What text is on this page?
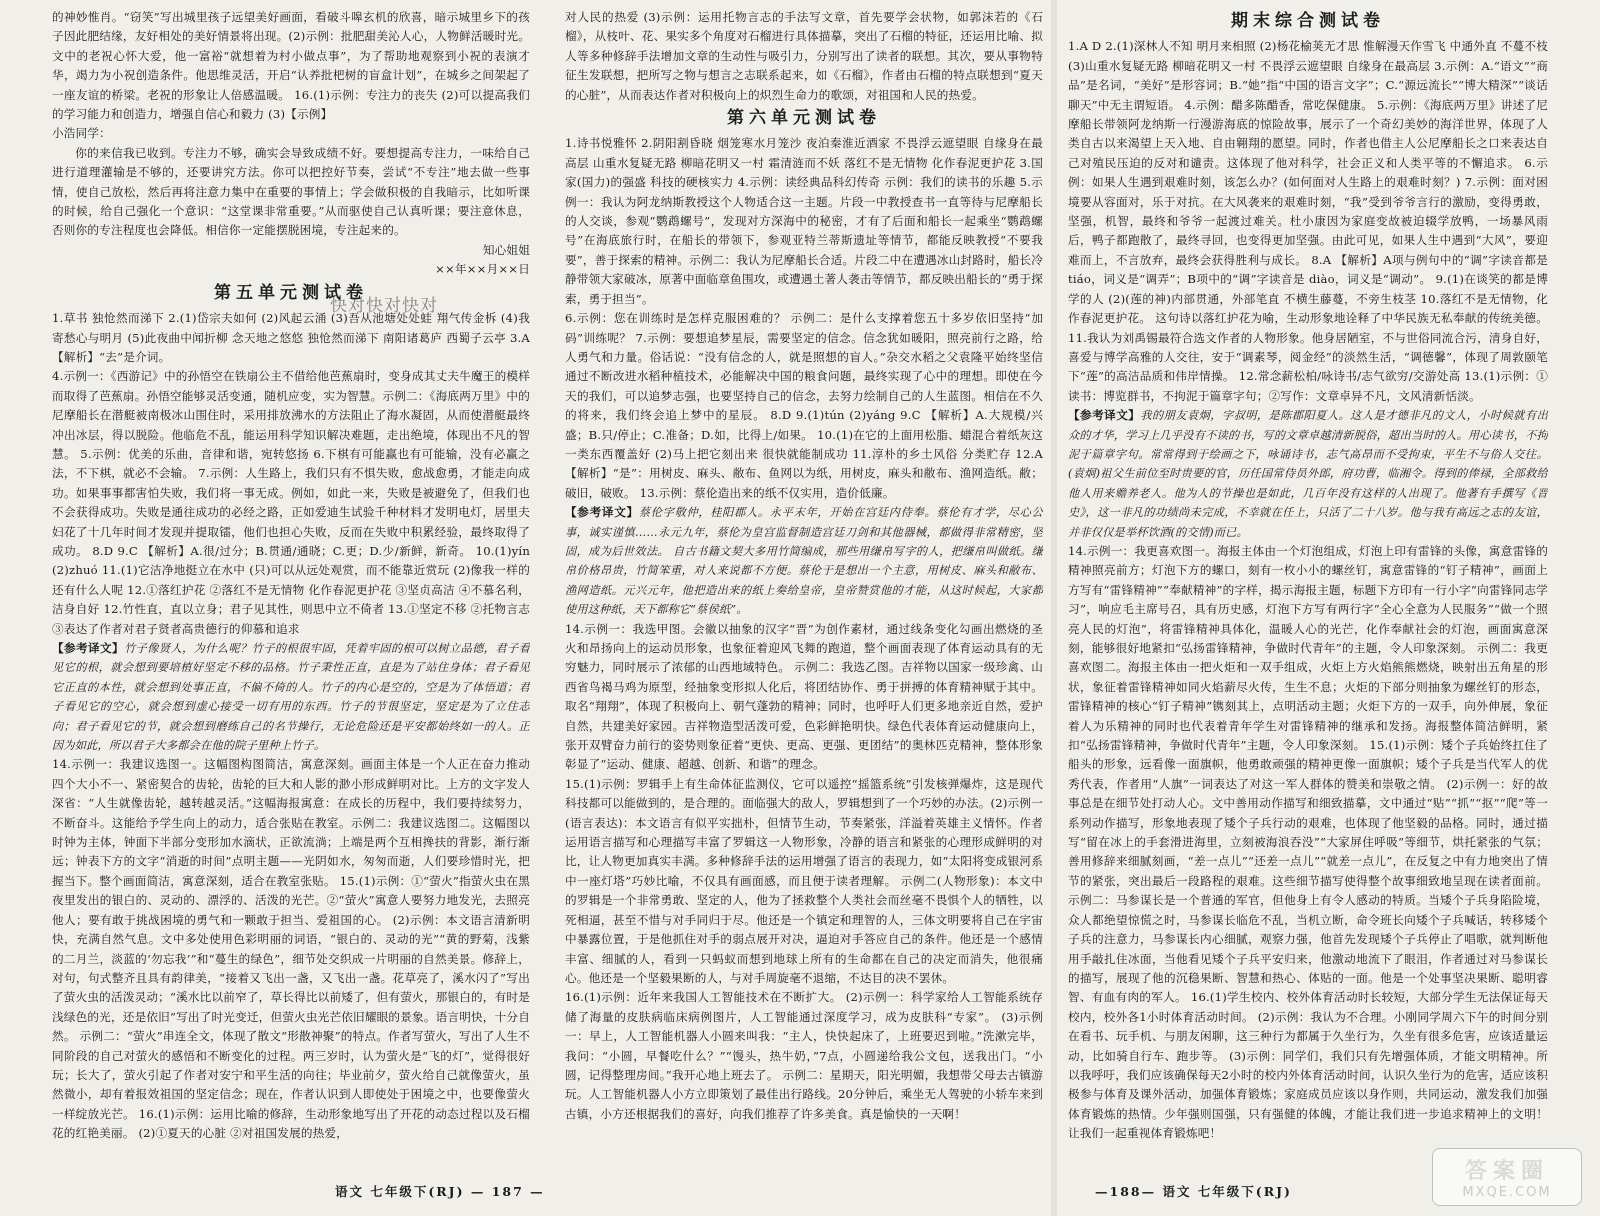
的神妙惟肖。“窃笑”写出城里孩子远望美好画面，看破斗嗥玄机的欣喜，暗示城里乡下的孩子因此肥结缘，友好相处的美好情景将出现。(2)示例：批肥甜美沁人心，人物鲜活暖时光。文中的老祝心怀大爱，他一富裕“就想着为村小做点事”，为了帮助地观察到小祝的表演才华，竭力为小祝创造条件。他思维灵活，开启“认养批杷树的盲盒计划”，在城乡之间架起了一座友谊的桥梁。老祝的形象让人倍感温暖。 16.(1)示例：专注力的丧失 (2)可以提高我们的学习能力和创造力，增强自信心和毅力 (3)【示例】

小浩同学：

你的来信我已收到。专注力不够，确实会导致成绩不好。要想提高专注力，一味给自己进行道理灌输是不够的，还要讲究方法。你可以把控好节奏，尝试“不专注”地去做一些事情，使自己放松，然后再将注意力集中在重要的事情上；学会做积极的自我暗示，比如听课的时候，给自己强化一个意识：“这堂课非常重要。”从而驱使自己认真听课；要注意休息，否则你的专注程度也会降低。相信你一定能摆脱困境，专注起来的。

知心姐姐

××年××月××日

第五单元测试卷

1.草书 独怆然而涕下 2.(1)岱宗夫如何 (2)风起云涌 (3)吾从池塘处处蛙 翔气传金柝 (4)我寄愁心与明月 (5)此夜曲中闻折柳 念天地之悠悠 独怆然而涕下 南阳诸葛庐 西蜀子云亭 3.A 【解析】“去”是介词。

4.示例一：《西游记》中的孙悟空在铁扇公主不借给他芭蕉扇时，变身成其丈夫牛魔王的模样而取得了芭蕉扇。孙悟空能够灵活变通，随机应变，实为智慧。示例二：《海底两万里》中的尼摩船长在潜艇被南极冰山围住时，采用排放沸水的方法阻止了海水凝固，从而使潜艇最终冲出冰层，得以脱险。他临危不乱，能运用科学知识解决难题，走出绝境，体现出不凡的智慧。 5.示例：优美的乐曲，音律和谐，宛转悠扬 6.下棋有可能赢也有可能输，没有必赢之法，不下棋，就必不会输。 7.示例：人生路上，我们只有不惧失败，愈战愈勇，才能走向成功。如果事事都害怕失败，我们将一事无成。例如，如此一来，失败是被避免了，但我们也不会获得成功。失败是通往成功的必经之路，正如爱迪生试验千种材料才发明电灯，居里夫妇花了十几年时间才发现并提取镭，他们也担心失败，反而在失败中积累经验，最终取得了成功。 8.D 9.C 【解析】A.很/过分；B.贯通/通晓；C.更；D.少/新鲜，新奇。 10.(1)yín (2)zhuó 11.(1)它洁净地挺立在水中 (只)可以从远处观赏，而不能靠近赏玩 (2)像我一样的还有什么人呢 12.①落红护花 ②落红不是无情物 化作春泥更护花 ③坚贞高洁 ④不慕名利，洁身自好 12.竹性直，直以立身；君子见其性，则思中立不倚者 13.①坚定不移 ②托物言志 ③表达了作者对君子贤者高贵德行的仰慕和追求

【参考译文】竹子像贤人，为什么呢？竹子的根很牢固，凭着牢固的根可以树立品德，君子看见它的根，就会想到要培植好坚定不移的品格。竹子秉性正直，直是为了站住身体；君子看见它正直的本性，就会想到处事正直，不偏不倚的人。竹子的内心是空的，空是为了体悟道；君子看见它的空心，就会想到虚心接受一切有用的东西。竹子的节很坚定，坚定是为了立住志向；君子看见它的节，就会想到磨练自己的名节操行，无论危险还是平安都始终如一的人。正因为如此，所以君子大多都会在他的院子里种上竹子。

14.示例一：我建议选图一。这幅图构图简洁，寓意深刻。画面主体是一个人正在奋力推动四个大小不一、紧密契合的齿轮，齿轮的巨大和人影的渺小形成鲜明对比。上方的文字发人深省：“人生就像齿轮，越转越灵活。”这幅海报寓意：在成长的历程中，我们要持续努力，不断奋斗。这能给予学生向上的动力，适合张贴在教室。示例二：我建议选图二。这幅图以时钟为主体，钟面下半部分变形加水滴状，正欲流淌；上端是两个互相搀扶的背影，渐行渐远；钟表下方的文字“消逝的时间”点明主题——光阴如水，匆匆而逝，人们要珍惜时光，把握当下。整个画面简洁，寓意深刻，适合在教室张贴。 15.(1)示例：①“萤火”指萤火虫在黑夜里发出的银白的、灵动的、漂浮的、活泼的光芒。②“萤火”寓意人要努力地发光，去照亮他人；要有敢于挑战困境的勇气和一颗敢于担当、爱祖国的心。 (2)示例：本文语言清新明快，充满自然气息。文中多处使用色彩明丽的词语，“银白的、灵动的光”“黄的野菊，浅紫的二月兰，淡蓝的‘勿忘我’”和“蔓生的绿色”，细节处交织成一片明丽的自然美景。修辞上，对句，句式整齐且具有韵律美，“接着又飞出一盏，又飞出一盏。花草亮了，溪水闪了”写出了萤火虫的活泼灵动；“溪水比以前窄了，草长得比以前矮了，但有萤火，那银白的，有时是浅绿色的光，还是依旧”写出了时光变迁，但萤火虫光芒依旧耀眼的景象。语言明快，十分自然。 示例二：“萤火”串连全文，体现了散文“形散神聚”的特点。作者写萤火，写出了人生不同阶段的自己对萤火的感悟和不断变化的过程。两三岁时，认为萤火是“飞的灯”，觉得很好玩；长大了，萤火引起了作者对安宁和平生活的向往；毕业前夕，萤火给自己就像萤火，虽然微小，却有着报效祖国的坚定信念；现在，作者认识到人即使处于困境之中，也要像萤火一样绽放光芒。 16.(1)示例：运用比喻的修辞，生动形象地写出了开花的动态过程以及石榴花的红艳美丽。 (2)①夏天的心脏 ②对祖国发展的热爱，

对人民的热爱 (3)示例：运用托物言志的手法写文章，首先要学会状物，如郭沫若的《石榴》，从枝叶、花、果实多个角度对石榴进行具体描摹，突出了石榴的特征，还运用比喻、拟人等多种修辞手法增加文章的生动性与吸引力，分别写出了读者的联想。其次，要从事物特征生发联想，把所写之物与想言之志联系起来，如《石榴》，作者由石榴的特点联想到“夏天的心脏”，从而表达作者对积极向上的炽烈生命力的歌颂，对祖国和人民的热爱。

第六单元测试卷

1.诗书悦雅怀 2.阴阳割昏晓 烟笼寒水月笼沙 夜泊秦淮近酒家 不畏浮云遮望眼 自缘身在最高层 山重水复疑无路 柳暗花明又一村 霜清涟而不妖 落红不是无情物 化作春泥更护花 3.国家(国力)的强盛 科技的硬核实力 4.示例：读经典品科幻传奇 示例：我们的读书的乐趣 5.示例一：我认为阿龙纳斯教授这个人物适合这一主题。片段一中教授查书一直等待与尼摩船长的人交谈，参观“鹦鹉螺号”，发现对方深海中的秘密，才有了后面和船长一起乘坐“鹦鹉螺号”在海底旅行时，在船长的带领下，参观亚特兰蒂斯遗址等情节，都能反映教授“不要我要”，善于探索的精神。示例二：我认为尼摩船长合适。片段二中在遭遇冰山封路时，船长冷静带领大家破冰，原著中面临章鱼围攻，或遭遇土著人袭击等情节，都反映出船长的“勇于探索，勇于担当”。

6.示例：您在训练时是怎样克服困难的？ 示例二：是什么支撑着您五十多岁依旧坚持“加码”训练呢？ 7.示例：要想追梦星辰，需要坚定的信念。信念犹如暖阳，照亮前行之路，给人勇气和力量。俗话说：“没有信念的人，就是照想的盲人。”杂交水稻之父袁隆平始终坚信通过不断改进水稻种植技术，必能解决中国的粮食问题，最终实现了心中的理想。即使在今天的我们，可以追梦志强，也要坚持自己的信念，去努力绘制自己的人生蓝图。相信在不久的将来，我们终会追上梦中的星辰。 8.D 9.(1)tún (2)yáng 9.C 【解析】A.大规模/兴盛；B.只/停止；C.准备；D.如，比得上/如果。 10.(1)在它的上面用松脂、蜡混合着纸灰这一类东西覆盖好 (2)马上把它刻出来 很快就能制成功 11.淳朴的乡土风俗 分类贮存 12.A 【解析】“是”：用树皮、麻头、敝布、鱼网以为纸，用树皮，麻头和敝布、渔网造纸。敝；破旧，破败。 13.示例：蔡伦造出来的纸不仅实用，造价低廉。

【参考译文】蔡伦字敬仲，桂阳郡人。永平末年，开始在宫廷内侍奉。蔡伦有才学，尽心公事，诚实谨慎……永元九年，蔡伦为皇宫监督制造宫廷刀剑和其他器械，都做得非常精密，坚固，成为后世效法。 自古书籍文契大多用竹简编成，那些用缣帛写字的人，把缣帛叫做纸。缣帛价格昂贵，竹简笨重，对人来说都不方便。蔡伦于是想出一个主意，用树皮、麻头和敝布、渔网造纸。元兴元年，他把造出来的纸上奏给皇帝，皇帝赞赏他的才能，从这时候起，大家都使用这种纸，天下都称它“蔡侯纸”。

14.示例一：我选甲图。会徽以抽象的汉字“晋”为创作素材，通过线条变化勾画出燃烧的圣火和昂扬向上的运动员形象，也象征着迎风飞舞的跑道，整个画面表现了体育运动具有的无穷魅力，同时展示了浓郁的山西地域特色。 示例二：我选乙图。吉祥物以国家一级珍禽、山西省鸟褐马鸡为原型，经抽象变形拟人化后，将团结协作、勇于拼搏的体育精神赋于其中。取名“翔翔”，体现了积极向上、朝气蓬勃的精神；同时，也呼吁人们更多地亲近自然，爱护自然，共建美好家园。吉祥物造型活泼可爱，色彩鲜艳明快。绿色代表体育运动健康向上，张开双臂奋力前行的姿势则象征着“更快、更高、更强、更团结”的奥林匹克精神，整体形象彰显了“运动、健康、超越、创新、和谐”的理念。

15.(1)示例：罗辑手上有生命体征监测仪，它可以遥控“摇篮系统”引发核弹爆炸，这是现代科技都可以能做到的，是合理的。面临强大的敌人，罗辑想到了一个巧妙的办法。(2)示例一(语言表达)：本文语言有似平实拙朴，但情节生动，节奏紧张，洋溢着英雄主义情怀。作者运用语言描写和心理描写丰富了罗辑这一人物形象，冷静的语言和紧张的心理形成鲜明的对比，让人物更加真实丰满。多种修辞手法的运用增强了语言的表现力，如“太阳将变成银河系中一座灯塔”巧妙比喻，不仅具有画面感，而且便于读者理解。 示例二(人物形象)：本文中的罗辑是一个非常勇敢、坚定的人，他为了拯救整个人类社会而丝毫不畏惧个人的牺牲，以死相逼，甚至不惜与对手同归于尽。他还是一个镇定和理智的人，三体文明要将自己在宇宙中暴露位置，于是他抓住对手的弱点展开对决，逼迫对手答应自己的条件。他还是一个感情丰富、细腻的人，看到一只蚂蚁而想到地球上所有的生命都在自己的决定而消失，他很痛心。他还是一个坚毅果断的人，与对手周旋毫不退缩，不达目的决不罢休。

16.(1)示例：近年来我国人工智能技术在不断扩大。 (2)示例一：科学家给人工智能系统存储了海量的皮肤病临床病例图片，人工智能通过深度学习，成为皮肤科“专家”。 (3)示例一：早上，人工智能机器人小圆来叫我：“主人，快快起床了，上班要迟到啦。”洗漱完毕，我问：“小圆，早餐吃什么？”“馒头，热牛奶，”7点，小圆递给我公文包，送我出门。“小圆，记得整理房间。”我开心地上班去了。 示例二：星期天，阳光明媚，我想带父母去古镇游玩。人工智能机器人小方立即策划了最佳出行路线。20分钟后，乘坐无人驾驶的小轿车来到古镇，小方还根据我们的喜好，向我们推荐了许多美食。真是愉快的一天啊！

期末综合测试卷

1.A D 2.(1)深林人不知 明月来相照 (2)杨花榆荚无才思 惟解漫天作雪飞 中通外直 不蔓不枝 (3)山重水复疑无路 柳暗花明又一村 不畏浮云遮望眼 自缘身在最高层 3.示例：A.“语文”“商品”是名词，“美好”是形容词；B.“她”指“中国的语言文字”；C.“源远流长”“博大精深”“谈话聊天”中无主谓短语。 4.示例：醋多陈醋香，常吃保健康。 5.示例：《海底两万里》讲述了尼摩船长带领阿龙纳斯一行漫游海底的惊险故事，展示了一个奇幻美妙的海洋世界，体现了人类自古以来渴望上天入地、自由翱翔的愿望。同时，作者也借主人公尼摩船长之口来表达自己对殖民压迫的反对和谴责。这体现了他对科学，社会正义和人类平等的不懈追求。 6.示例：如果人生遇到艰难时刻，该怎么办？(如何面对人生路上的艰难时刻？) 7.示例：面对困境要从容面对，乐于对抗。在大风袭来的艰难时刻，“我”受到爷爷言行的激励，变得勇敢，坚强，机智，最终和爷爷一起渡过难关。杜小康因为家庭变故被迫辍学放鸭，一场暴风雨后，鸭子都跑散了，最终寻回，也变得更加坚强。由此可见，如果人生中遇到“大风”，要迎难而上，不言放弃，最终会获得胜利与成长。 8.A 【解析】A项与例句中的“调”字读音都是 tiáo，词义是“调弄”；B项中的“调”字读音是 diào，词义是“调动”。 9.(1)在谈笑的都是博学的人 (2)(莲的神)内部贯通，外部笔直 不横生藤蔓，不旁生枝茎 10.落红不是无情物，化作春泥更护花。 这句诗以落红护花为喻，生动形象地诠释了中华民族无私奉献的传统美德。 11.我认为刘禹锡最符合选文作者的人物形象。他身居陋室，不与世俗同流合污，清身自好，喜爱与博学高雅的人交往，安于“调素琴，阅金经”的淡然生活，“调德馨”，体现了周敦颐笔下“莲”的高洁品质和伟岸情操。 12.常念薪松柏/咏诗书/志气欲穷/交游处高 13.(1)示例：①读书：博览群书，不拘泥于篇章字句；②写作：文章卓异不凡，文风清新恬淡。

【参考译文】我的朋友袁炯，字叔明，是陈郡阳夏人。这人是才德非凡的文人，小时候就有出众的才华，学习上几乎没有不读的书，写的文章卓越清新脱俗，超出当时的人。用心读书，不拘泥于篇章字句。常常得到于绘画之下，咏诵诗书，志气高昂而不受拘束，平生不与俗人交往。(袁炯)祖父生前位至时贵要的官，历任国常侍员外郎，府功曹，临湘令。得到的俸禄，全部救给他人用来赡养老人。他为人的节操也是如此，几百年没有这样的人出现了。他著有手撰写《晋史》，这一非凡的功绩尚未完成，不幸就在任上，只活了二十八岁。他与我有高远之志的友谊，并非仅仅是举杯饮酒(的交情)而已。

14.示例一：我更喜欢图一。海报主体由一个灯泡组成，灯泡上印有雷锋的头像，寓意雷锋的精神照亮前方；灯泡下方的螺口，刻有一枚小小的螺丝钉，寓意雷锋的“钉子精神”，画面上方写有“雷锋精神”“奉献精神”的字样，揭示海报主题，标题下方印有一行小字“向雷锋同志学习”，响应毛主席号召，具有历史感，灯泡下方写有两行字“全心全意为人民服务”“做一个照亮人民的灯泡”，将雷锋精神具体化，温暖人心的光芒，化作奉献社会的灯泡，画面寓意深刻，能够很好地紧扣“弘扬雷锋精神，争做时代青年”的主题，令人印象深刻。 示例二：我更喜欢图二。海报主体由一把火炬和一双手组成，火炬上方火焰熊熊燃烧，映射出五角星的形状，象征着雷锋精神如同火焰薪尽火传，生生不息；火炬的下部分则抽象为螺丝钉的形态，雷锋精神的核心“钉子精神”镌刻其上，点明活动主题；火炬下方的一双手，向外伸展，象征着人为乐精神的同时也代表着青年学生对雷锋精神的继承和发扬。海报整体简洁鲜明，紧扣“弘扬雷锋精神，争做时代青年”主题，令人印象深刻。 15.(1)示例：矮个子兵始终扛住了船头的形象，远看像一面旗帜，他勇敢顽强的精神更像一面旗帜；矮个子兵是当代军人的优秀代表，作者用“人旗”一词表达了对这一军人群体的赞美和崇敬之情。 (2)示例一：好的故事总是在细节处打动人心。文中善用动作描写和细致描摹，文中通过“贴”“抓”“抠”“爬”等一系列动作描写，形象地表现了矮个子兵行动的艰难，也体现了他坚毅的品格。同时，通过描写“留在冰上的手套滑进海里，立刻被海浪吞没”“大家屏住呼吸”等细节，烘托紧张的气氛；善用修辞来细腻刻画，“差一点儿”“还差一点儿”“就差一点儿”，在反复之中有力地突出了情节的紧张，突出最后一段路程的艰难。这些细节描写使得整个故事细致地呈现在读者面前。 示例二：马参谋长是一个普通的军官，但他身上有令人感动的特质。当矮个子兵身陷险境，众人都绝望惊慌之时，马参谋长临危不乱，当机立断，命令班长向矮个子兵喊话，转移矮个子兵的注意力，马参谋长内心细腻，观察力强，他首先发现矮个子兵停止了唱歌，就判断他用手敲扎住冰面，当他看见矮个子兵平安归来，他激动地流下了眼泪，作者通过对马参谋长的描写，展现了他的沉稳果断、智慧和热心、体贴的一面。他是一个处事坚决果断、聪明睿智、有血有肉的军人。 16.(1)学生校内、校外体育活动时长较短，大部分学生无法保证每天校内，校外各1小时体育活动时间。 (2)示例：我认为不合理。小刚同学周六下午的时间分别在看书、玩手机、与朋友闲聊，这三种行为都属于久坐行为，久坐有很多危害，应该适量运动，比如骑自行车、跑步等。 (3)示例：同学们，我们只有先增强体质，才能文明精神。所以我呼吁，我们应该确保每天2小时的校内外体育活动时间，认识久坐行为的危害，适应该积极参与体育及课外活动，加强体育锻炼；家庭成员应该以身作则，共同运动，激发我们加强体育锻炼的热情。少年强则国强，只有强健的体魄，才能让我们进一步追求精神上的文明！让我们一起重视体育锻炼吧！

快对快对快对
语文 七年级下(RJ) — 187 —	—188— 语文 七年级下(RJ)
答案圈
MXQE.COM
